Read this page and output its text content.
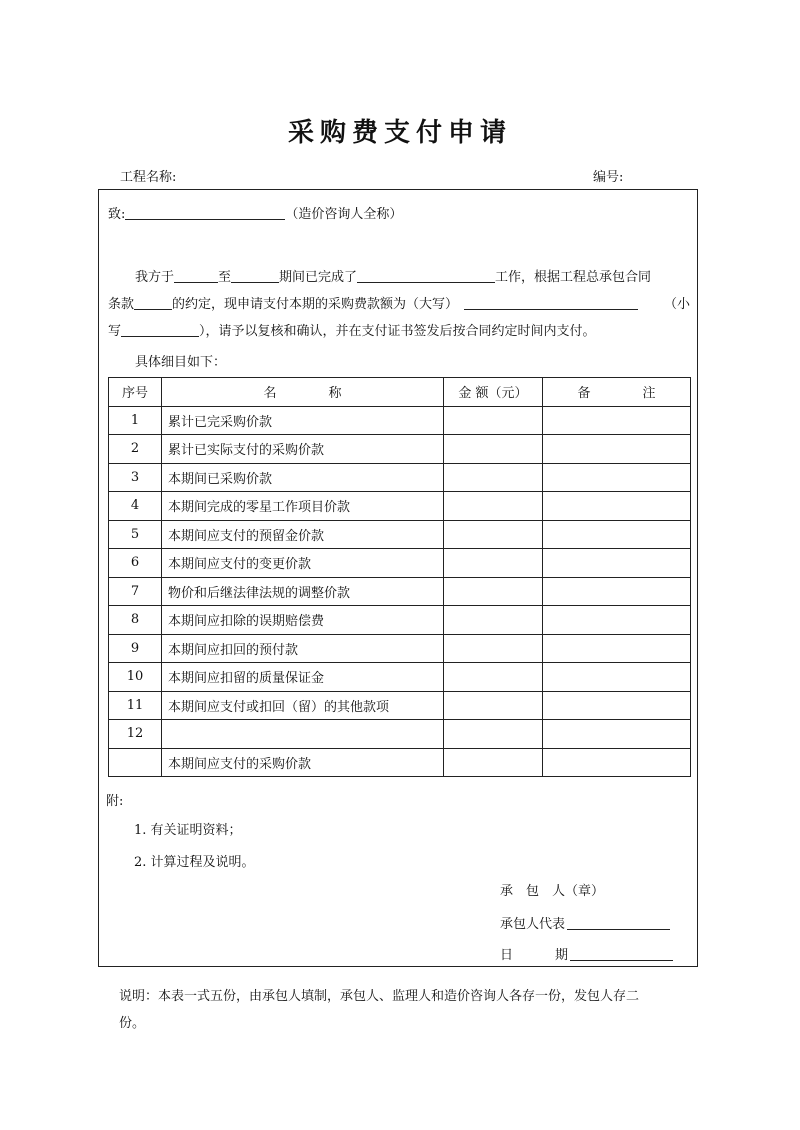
采购费支付申请
工程名称:	编号:
致:	（造价咨询人全称）
我方于	至	期间已完成了	工作，根据工程总承包合同
条款	的约定，现申请支付本期的采购费款额为（大写）	（小
写	），请予以复核和确认，并在支付证书签发后按合同约定时间内支付。
具体细目如下：
序号	名　　　　称	金 额（元）	备　　　　注
1	累计已完采购价款		
2	累计已实际支付的采购价款		
3	本期间已采购价款		
4	本期间完成的零星工作项目价款		
5	本期间应支付的预留金价款		
6	本期间应支付的变更价款		
7	物价和后继法律法规的调整价款		
8	本期间应扣除的误期赔偿费		
9	本期间应扣回的预付款		
10	本期间应扣留的质量保证金		
11	本期间应支付或扣回（留）的其他款项		
12			
	本期间应支付的采购价款		
附:
1. 有关证明资料；
2. 计算过程及说明。
承　包　人（章）
承包人代表
日	期
说明：本表一式五份，由承包人填制，承包人、监理人和造价咨询人各存一份，发包人存二
份。
